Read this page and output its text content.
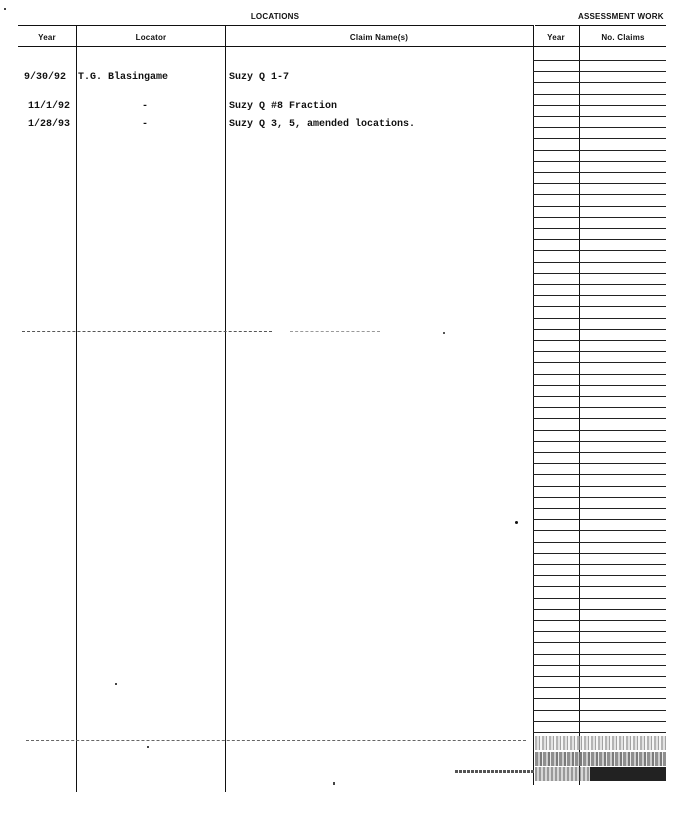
LOCATIONS	ASSESSMENT WORK
Year	Locator	Claim Name(s)	Year	No. Claims
9/30/92 T.G. Blasingame	Suzy Q 1-7
11/1/92	-	Suzy Q #8 Fraction
1/28/93	-	Suzy Q 3, 5, amended locations.
